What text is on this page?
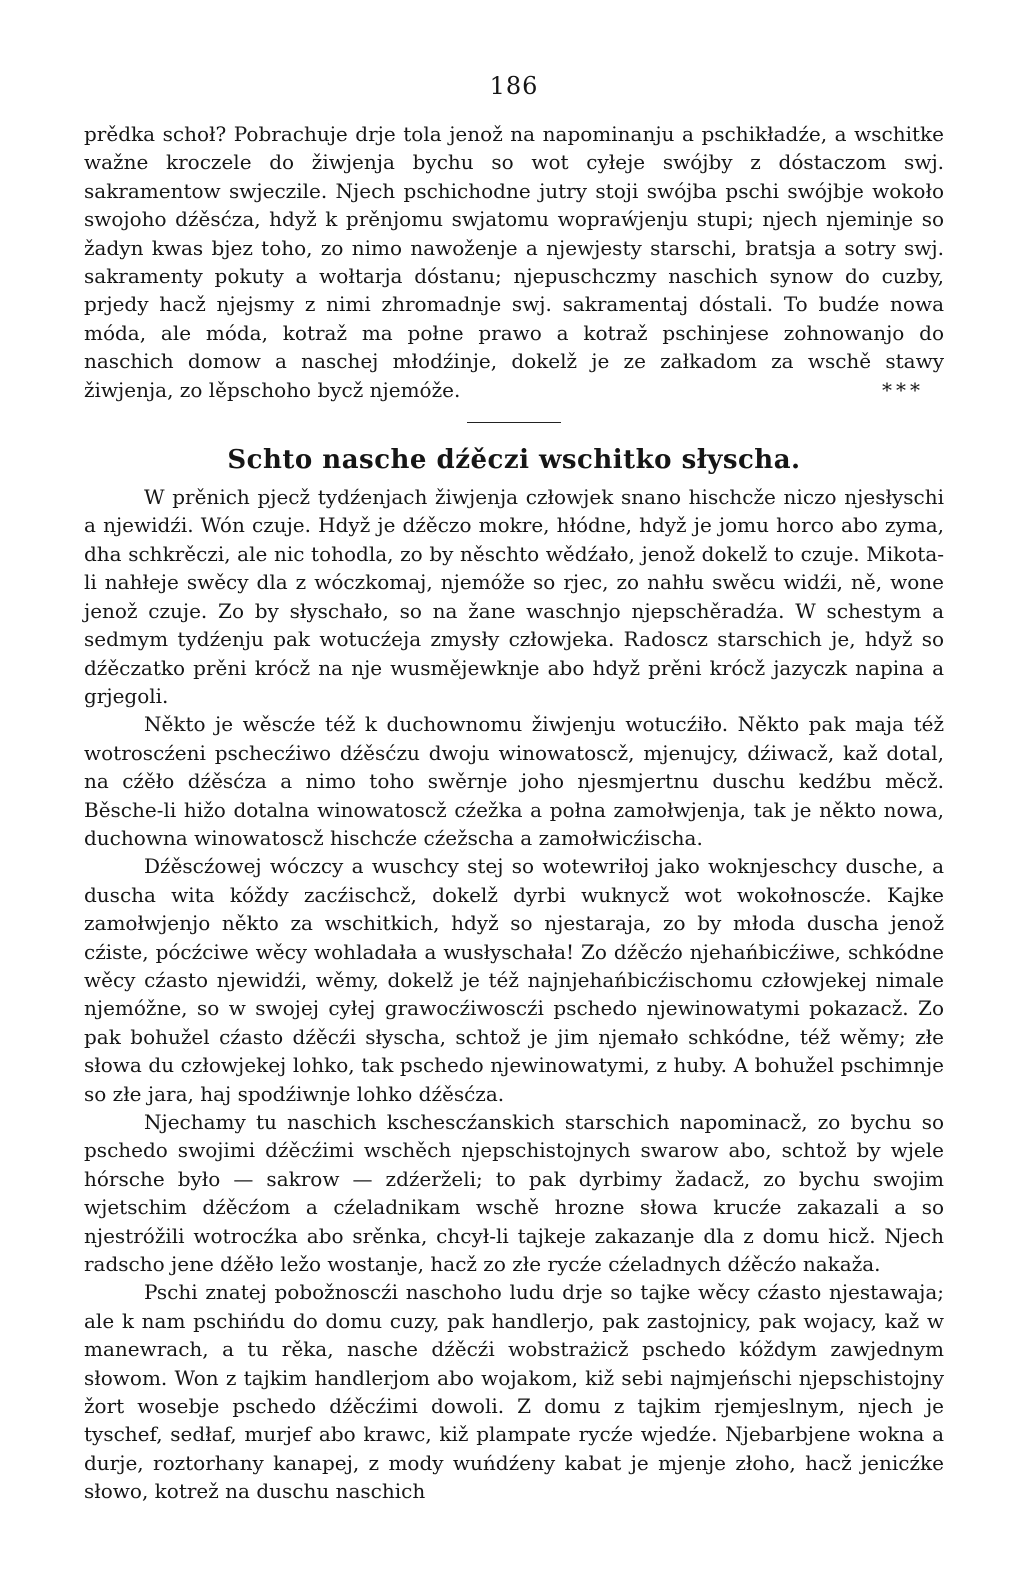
186

prědka schoł? Pobrachuje drje tola jenož na napominanju a pschikładźe, a wschitke wažne kroczele do žiwjenja bychu so wot cyłeje swójby z dóstaczom swj. sakramentow swjeczile. Njech pschichodne jutry stoji swójba pschi swójbje wokoło swojoho dźěsćza, hdyž k prěnjomu swjatomu wopraẃjenju stupi; njech njeminje so žadyn kwas bjez toho, zo nimo nawoženje a njewjesty starschi, bratsja a sotry swj. sakramenty pokuty a wołtarja dóstanu; njepuschczmy naschich synow do cuzby, prjedy hacž njejsmy z nimi zhromadnje swj. sakramentaj dóstali. To budźe nowa móda, ale móda, kotraž ma połne prawo a kotraž pschinjese zohnowanjo do naschich domow a naschej młodźinje, dokelž je ze załkadom za wschě stawy žiwjenja, zo lěpschoho bycž njemóže.	* * *

Schto nasche dźěczi wschitko słyscha.

W prěnich pjecž tydźenjach žiwjenja człowjek snano hischcže niczo njesłyschi a njewidźi. Wón czuje. Hdyž je dźěczo mokre, hłódne, hdyž je jomu horco abo zyma, dha schkrěczi, ale nic tohodla, zo by něschto wědźało, jenož dokelž to czuje. Mikota-li nahłeje swěcy dla z wóczkomaj, njemóže so rjec, zo nahłu swěcu widźi, ně, wone jenož czuje. Zo by słyschało, so na žane waschnjo njepschěradźa. W schestym a sedmym tydźenju pak wotucźeja zmysły człowjeka. Radoscz starschich je, hdyž so dźěczatko prěni krócž na nje wusmějewknje abo hdyž prěni krócž jazyczk napina a grjegoli.

Někto je wěscźe též k duchownomu žiwjenju wotucźiło. Někto pak maja též wotroscźeni pschecźiwo dźěsćzu dwoju winowatoscž, mjenujcy, dźiwacž, kaž dotal, na cźěło dźěsćza a nimo toho swěrnje joho njesmjertnu duschu kedźbu měcž. Běsche-li hižo dotalna winowatoscž cźežka a połna zamołwjenja, tak je někto nowa, duchowna winowatoscž hischcźe cźežscha a zamołwicźischa.

Dźěscźowej wóczcy a wuschcy stej so wotewriłoj jako woknjeschcy dusche, a duscha wita kóždy zacźischcž, dokelž dyrbi wuknycž wot wokołnoscźe. Kajke zamołwjenjo někto za wschitkich, hdyž so njestaraja, zo by młoda duscha jenož cźiste, pócźciwe wěcy wohladała a wusłyschała! Zo dźěcźo njehańbicźiwe, schkódne wěcy cźasto njewidźi, wěmy, dokelž je též najnjehańbicźischomu człowjekej nimale njemóžne, so w swojej cyłej grawocźiwoscźi pschedo njewinowatymi pokazacž. Zo pak bohužel cźasto dźěcźi słyscha, schtož je jim njemało schkódne, též wěmy; złe słowa du człowjekej lohko, tak pschedo njewinowatymi, z huby. A bohužel pschimnje so złe jara, haj spodźiwnje lohko dźěsćza.

Njechamy tu naschich kschescźanskich starschich napominacž, zo bychu so pschedo swojimi dźěcźimi wschěch njepschistojnych swarow abo, schtož by wjele hórsche było — sakrow — zdźerželi; to pak dyrbimy žadacž, zo bychu swojim wjetschim dźěcźom a cźeladnikam wschě hrozne słowa krucźe zakazali a so njestróžili wotrocźka abo srěnka, chcył-li tajkeje zakazanje dla z domu hicž. Njech radscho jene dźěło ležo wostanje, hacž zo złe rycźe cźeladnych dźěcźo nakaža.

Pschi znatej pobožnoscźi naschoho ludu drje so tajke wěcy cźasto njestawaja; ale k nam pschińdu do domu cuzy, pak handlerjo, pak zastojnicy, pak wojacy, kaž w manewrach, a tu rěka, nasche dźěcźi wobstrażicž pschedo kóždym zawjednym słowom. Won z tajkim handlerjom abo wojakom, kiž sebi najmjeńschi njepschistojny žort wosebje pschedo dźěcźimi dowoli. Z domu z tajkim rjemjeslnym, njech je tyschef, sedłaf, murjef abo krawc, kiž plampate rycźe wjedźe. Njebarbjene wokna a durje, roztorhany kanapej, z mody wuńdźeny kabat je mjenje złoho, hacž jenicźke słowo, kotrež na duschu naschich
